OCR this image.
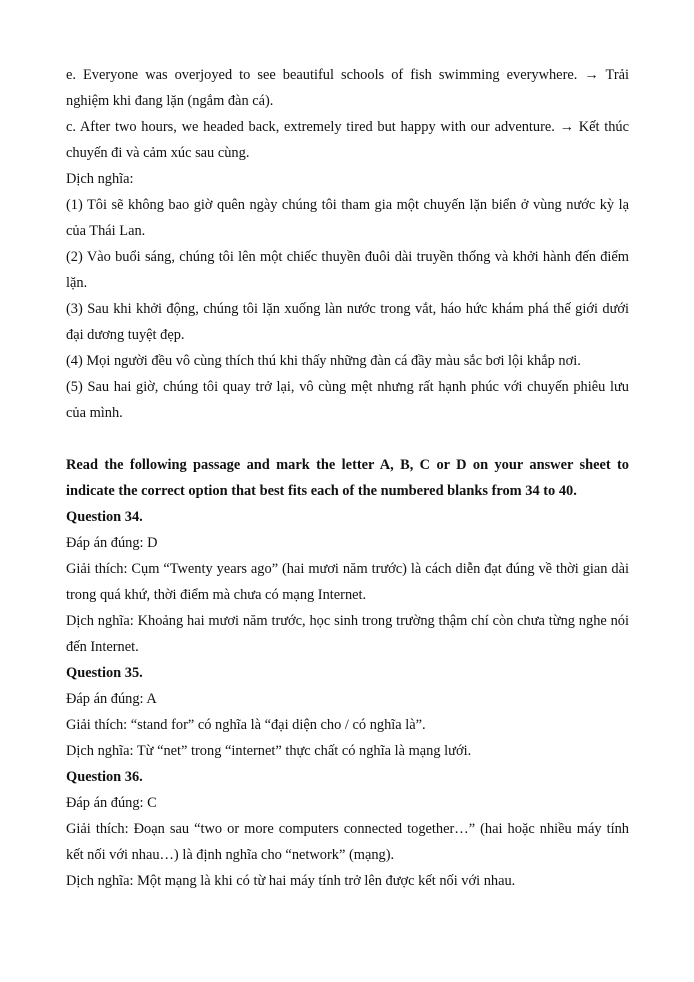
e. Everyone was overjoyed to see beautiful schools of fish swimming everywhere. → Trải nghiệm khi đang lặn (ngắm đàn cá).

c. After two hours, we headed back, extremely tired but happy with our adventure. → Kết thúc chuyến đi và cảm xúc sau cùng.

Dịch nghĩa:

(1) Tôi sẽ không bao giờ quên ngày chúng tôi tham gia một chuyến lặn biển ở vùng nước kỳ lạ của Thái Lan.

(2) Vào buổi sáng, chúng tôi lên một chiếc thuyền đuôi dài truyền thống và khởi hành đến điểm lặn.

(3) Sau khi khởi động, chúng tôi lặn xuống làn nước trong vắt, háo hức khám phá thế giới dưới đại dương tuyệt đẹp.

(4) Mọi người đều vô cùng thích thú khi thấy những đàn cá đầy màu sắc bơi lội khắp nơi.

(5) Sau hai giờ, chúng tôi quay trở lại, vô cùng mệt nhưng rất hạnh phúc với chuyến phiêu lưu của mình.

Read the following passage and mark the letter A, B, C or D on your answer sheet to indicate the correct option that best fits each of the numbered blanks from 34 to 40.

Question 34.

Đáp án đúng: D

Giải thích: Cụm “Twenty years ago” (hai mươi năm trước) là cách diễn đạt đúng về thời gian dài trong quá khứ, thời điểm mà chưa có mạng Internet.

Dịch nghĩa: Khoảng hai mươi năm trước, học sinh trong trường thậm chí còn chưa từng nghe nói đến Internet.

Question 35.

Đáp án đúng: A

Giải thích: “stand for” có nghĩa là “đại diện cho / có nghĩa là”.

Dịch nghĩa: Từ “net” trong “internet” thực chất có nghĩa là mạng lưới.

Question 36.

Đáp án đúng: C

Giải thích: Đoạn sau “two or more computers connected together…” (hai hoặc nhiều máy tính kết nối với nhau…) là định nghĩa cho “network” (mạng).

Dịch nghĩa: Một mạng là khi có từ hai máy tính trở lên được kết nối với nhau.
